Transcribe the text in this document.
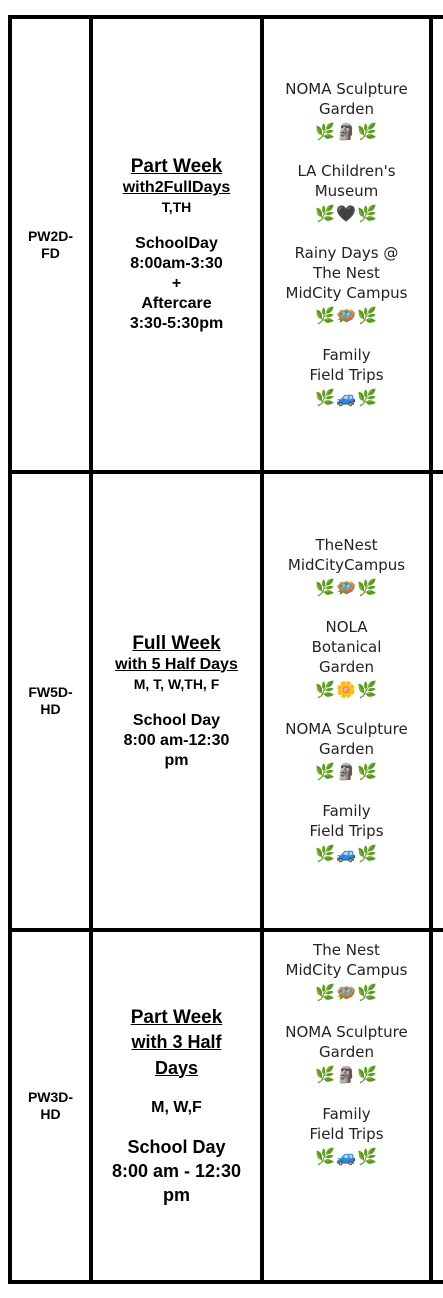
PW2D-
FD
Part Week
with2FullDays
T,TH
SchoolDay
8:00am-3:30
+
Aftercare
3:30-5:30pm
NOMA Sculpture
Garden
🌿🗿🌿
LA Children's
Museum
🌿🖤🌿
Rainy Days @
The Nest
MidCity Campus
🌿🪺🌿
Family
Field Trips
🌿🚙🌿
FW5D-
HD
Full Week
with 5 Half Days
M, T, W,TH, F
School Day
8:00 am-12:30
pm
TheNest
MidCityCampus
🌿🪺🌿
NOLA
Botanical
Garden
🌿🌼🌿
NOMA Sculpture
Garden
🌿🗿🌿
Family
Field Trips
🌿🚙🌿
PW3D-
HD
Part Week
with 3 Half
Days
M, W,F
School Day
8:00 am - 12:30
pm
The Nest
MidCity Campus
🌿🪺🌿
NOMA Sculpture
Garden
🌿🗿🌿
Family
Field Trips
🌿🚙🌿
